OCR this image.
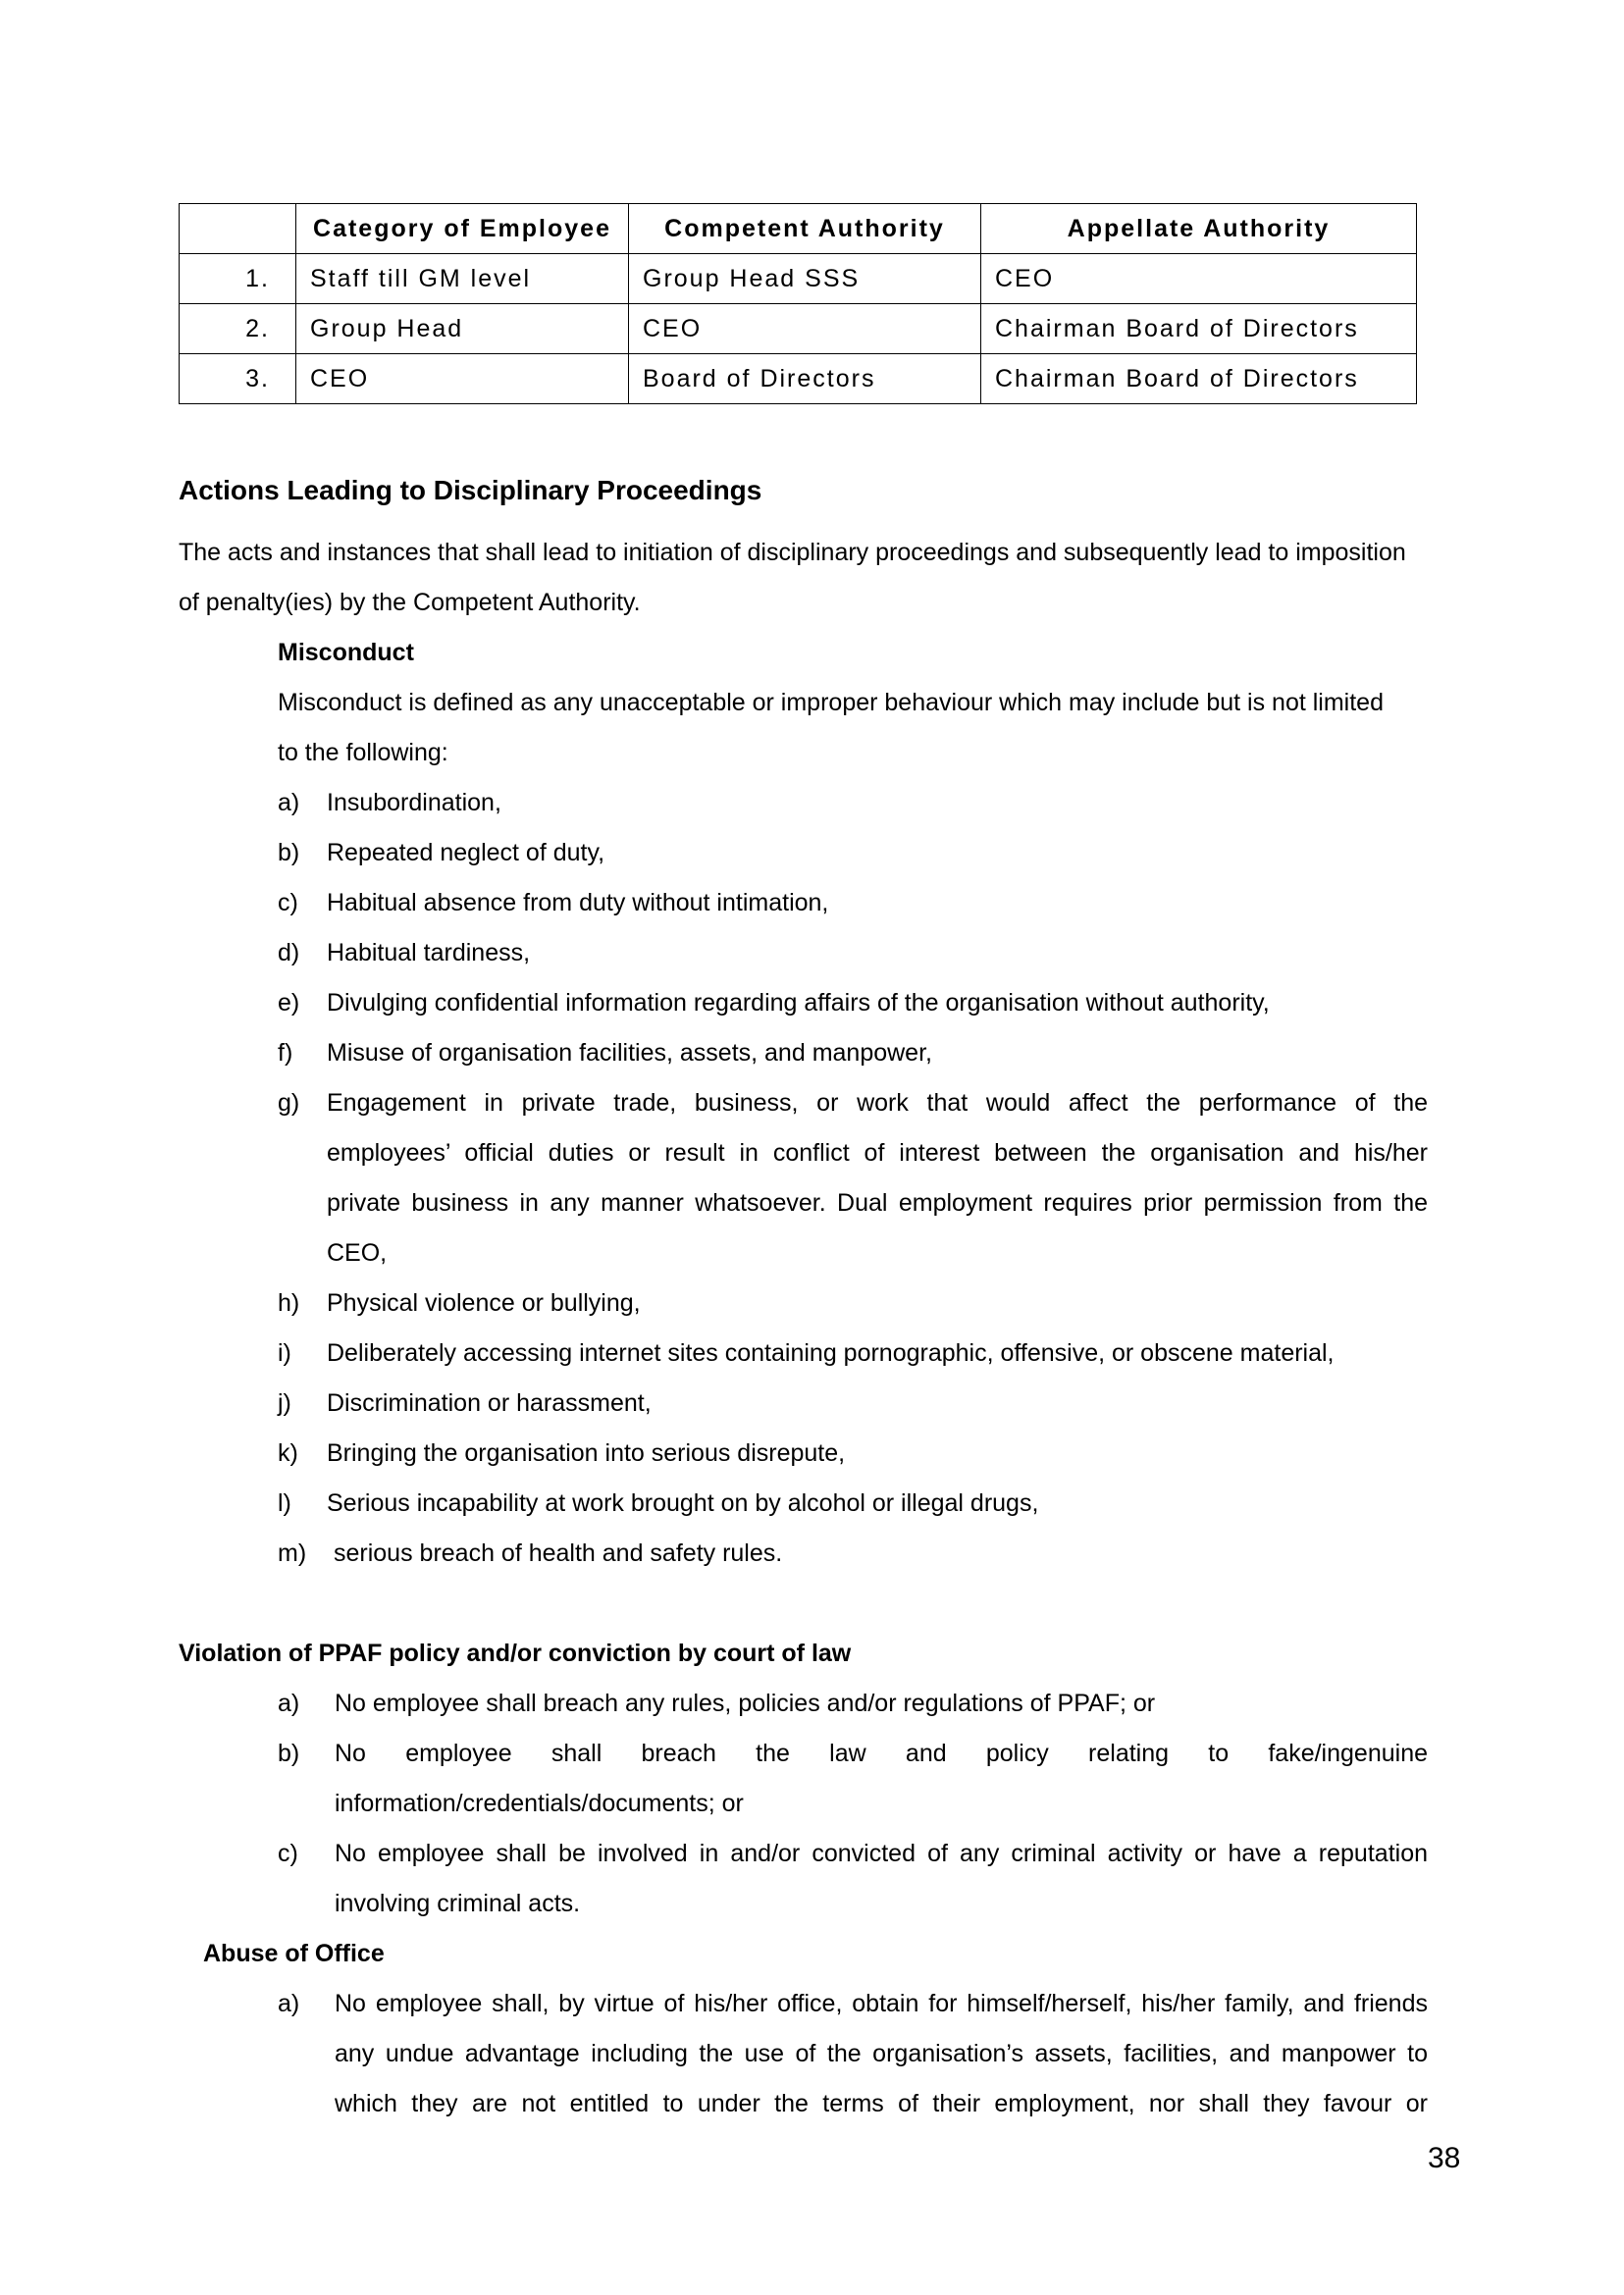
	Category of Employee	Competent Authority	Appellate Authority
1.	Staff till GM level	Group Head SSS	CEO
2.	Group Head	CEO	Chairman Board of Directors
3.	CEO	Board of Directors	Chairman Board of Directors
Actions Leading to Disciplinary Proceedings
The acts and instances that shall lead to initiation of disciplinary proceedings and subsequently lead to imposition
of penalty(ies) by the Competent Authority.
Misconduct
Misconduct is defined as any unacceptable or improper behaviour which may include but is not limited
to the following:
a) Insubordination,
b) Repeated neglect of duty,
c) Habitual absence from duty without intimation,
d) Habitual tardiness,
e) Divulging confidential information regarding affairs of the organisation without authority,
f) Misuse of organisation facilities, assets, and manpower,
g) Engagement in private trade, business, or work that would affect the performance of the
employees’ official duties or result in conflict of interest between the organisation and his/her
private business in any manner whatsoever. Dual employment requires prior permission from the
CEO,
h) Physical violence or bullying,
i) Deliberately accessing internet sites containing pornographic, offensive, or obscene material,
j) Discrimination or harassment,
k) Bringing the organisation into serious disrepute,
l) Serious incapability at work brought on by alcohol or illegal drugs,
m) serious breach of health and safety rules.
Violation of PPAF policy and/or conviction by court of law
a) No employee shall breach any rules, policies and/or regulations of PPAF; or
b) No employee shall breach the law and policy relating to fake/ingenuine
information/credentials/documents; or
c) No employee shall be involved in and/or convicted of any criminal activity or have a reputation
involving criminal acts.
Abuse of Office
a) No employee shall, by virtue of his/her office, obtain for himself/herself, his/her family, and friends
any undue advantage including the use of the organisation’s assets, facilities, and manpower to
which they are not entitled to under the terms of their employment, nor shall they favour or
38
